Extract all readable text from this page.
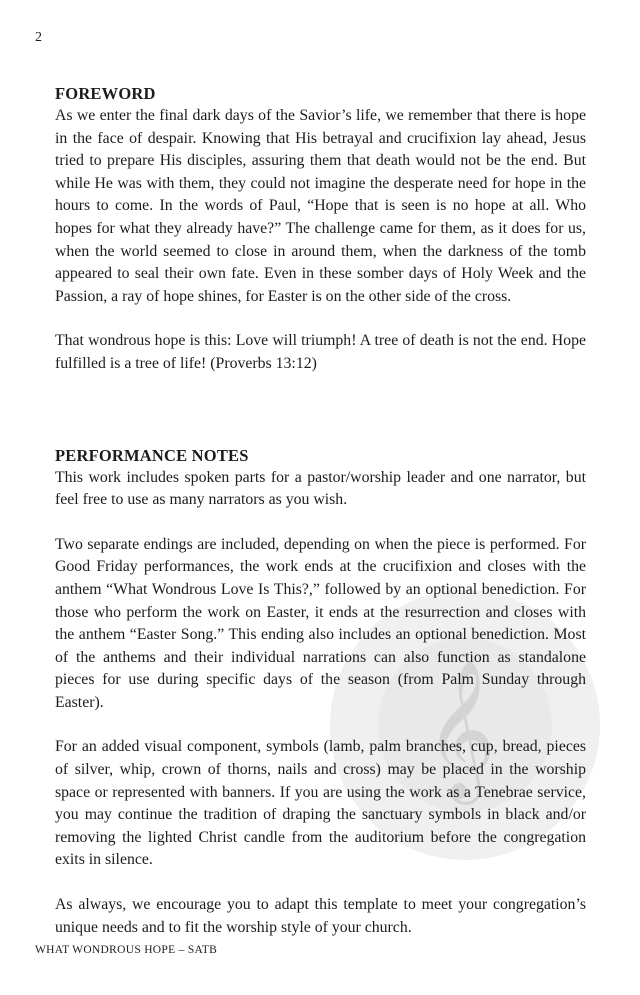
2
𝄞
FOREWORD

As we enter the final dark days of the Savior’s life, we remember that there is hope in the face of despair. Knowing that His betrayal and crucifixion lay ahead, Jesus tried to prepare His disciples, assuring them that death would not be the end. But while He was with them, they could not imagine the desperate need for hope in the hours to come. In the words of Paul, “Hope that is seen is no hope at all. Who hopes for what they already have?” The challenge came for them, as it does for us, when the world seemed to close in around them, when the darkness of the tomb appeared to seal their own fate. Even in these somber days of Holy Week and the Passion, a ray of hope shines, for Easter is on the other side of the cross.

That wondrous hope is this: Love will triumph! A tree of death is not the end. Hope fulfilled is a tree of life! (Proverbs 13:12)

PERFORMANCE NOTES

This work includes spoken parts for a pastor/worship leader and one narrator, but feel free to use as many narrators as you wish.

Two separate endings are included, depending on when the piece is performed. For Good Friday performances, the work ends at the crucifixion and closes with the anthem “What Wondrous Love Is This?,” followed by an optional benediction. For those who perform the work on Easter, it ends at the resurrection and closes with the anthem “Easter Song.” This ending also includes an optional benediction. Most of the anthems and their individual narrations can also function as standalone pieces for use during specific days of the season (from Palm Sunday through Easter).

For an added visual component, symbols (lamb, palm branches, cup, bread, pieces of silver, whip, crown of thorns, nails and cross) may be placed in the worship space or represented with banners. If you are using the work as a Tenebrae service, you may continue the tradition of draping the sanctuary symbols in black and/or removing the lighted Christ candle from the auditorium before the congregation exits in silence.

As always, we encourage you to adapt this template to meet your congregation’s unique needs and to fit the worship style of your church.

WHAT WONDROUS HOPE – SATB
